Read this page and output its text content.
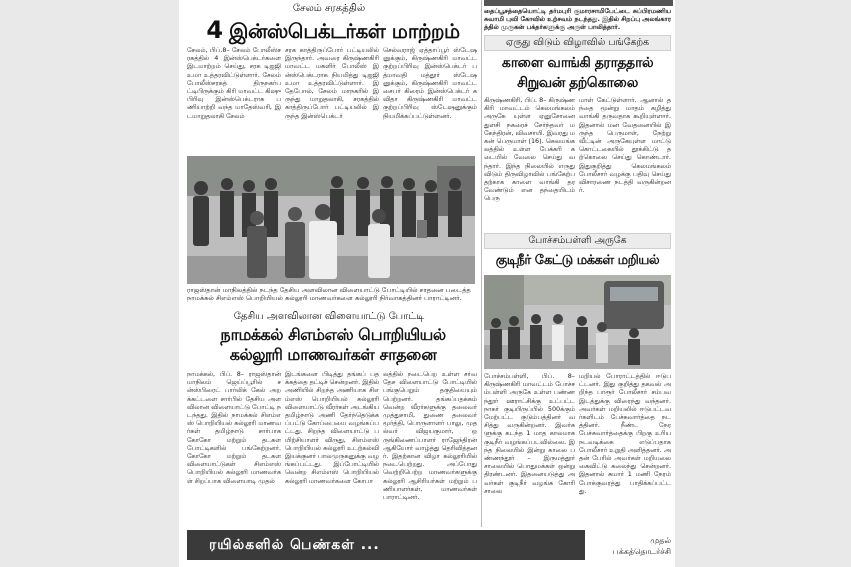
சேலம் சரகத்தில்
4 இன்ஸ்பெக்டர்கள் மாற்றம்
சேலம், பிப்.8– சேலம் போலீஸ்சரகத்தில் 4 இன்ஸ்பெக்டர்களை இடமாற்றம் செய்து, சரக டிஐஜி உமா உத்தரவிட்டுள்ளார். சேலம் போலீஸ்சரகத் திருநகர்பட்டிபிருக்கும் கிரி மாவட்ட கிஷு பிரிவு இன்ஸ்பெக்டராக பணியாற்றி வந்த மாதேஸ்வரி, இடமாறுதலாகி சேலம்
சரக காத்திருப்போர் பட்டியலில் இருந்தார். அவரை கிருஷ்ணகிரி மாவட்ட மகளிர் போலீஸ் இன்ஸ்பெக்டராக நியமித்து டிஐஜி உமா உத்தரவிட்டுள்ளார். இதேபோல், சேலம் மாநகரில் இருந்து மாறுதலாகி, சரகத்தில் காத்திருப்போர் பட்டியலில் இருந்த இன்ஸ்பெக்டர்
செல்வராஜ் ஏத்தாப்பூர் ஸ்டேஷனுக்கும், கிருஷ்ணகிரி மாவட்ட குற்றப்பிரிவு இன்ஸ்பெக்டர் பத்மாவதி மத்தூர் ஸ்டேஷனுக்கும், கிருஷ்ணகிரி மாவட்ட சைபர் கிரைம் இன்ஸ்பெக்டர் கவிதா கிருஷ்ணகிரி மாவட்ட குற்றப்பிரிவு ஸ்டேஷனுக்கும் நியமிக்கப்பட்டுள்ளனர்.
ராஜஸ்தான் மாநிலத்தில் நடந்த தேசிய அளவிலான விளையாட்டு போட்டியில் சாதனை படைத்த நாமக்கல் சிஎம்எஸ் பொறியியல் கல்லூரி மாணவர்களை கல்லூரி நிர்வாகத்தினர் பாராட்டினர்.
தேசிய அளவிலான விளையாட்டு போட்டி
நாமக்கல் சிஎம்எஸ் பொறியியல்
கல்லூரி மாணவர்கள் சாதனை
நாமக்கல், பிப். 8– ராஜஸ்தான் மாநிலம் ஜெய்ப்பூரில் சன்ஸ்பிரைட் பார்லிக் கேல் அறக்கட்டளை சார்பில் தேசிய அளவிலான விளையாட்டு போட்டி நடந்தது. இதில் நாமக்கல் சிஎம்எஸ் பொறியியல் கல்லூரி மாணவர்கள் தமிழ்நாடு சார்பாக கோகோ மற்றும் தடகள போட்டிகளில் பங்கேற்றனர். கோகோ மற்றும் தடகள விளையாட்டுகள் சிஎம்எஸ் பொறியியல் கல்லூரி மாணவர்கள் சிறப்பாக விளையாடி முதல்
இடங்களை பிடித்து தங்கப் பதக்கத்தை தட்டிச் சென்றனர். இதில் அணியில் சிறந்த அணியாக சிஎம்எஸ் பொறியியல் கல்லூரி விளையாட்டு வீரர்கள் அடங்கிய தமிழ்நாடு அணி தேர்ந்தெடுக்கப்பட்டு கோப்பையை வழங்கப்பட்டது. சிறந்த விளையாட்டு பயிற்சியாளர் விருது, சிஎம்எஸ் பொறியியல் கல்லூரி உடற்கல்வி இயக்குனர் பாலமுருகனுக்கு வழங்கப்பட்டது. இப்போட்டியில் வென்ற சிஎம்எஸ் பொறியியல் கல்லூரி மாணவர்களை கோபா
லத்தில் நடைபெற உள்ள சர்வதேச விளையாட்டு போட்டியில் பங்குபெறும் தகுதியையும் பெற்றனர். தங்கப்பதக்கம் வென்ற வீரர்களுக்கு தலைவர் முத்துசாமி, துணை தலைவர் மூர்த்தி, பொருளாளர் பாலு, முதல்வர் விஜயகுமார், ஒருங்கிணைப்பாளர் ராஜேந்திரன் ஆகியோர் வாழ்த்து தெரிவித்தனர். இதற்கான விழா கல்லூரியில் நடைபெற்றது. அப்போது வெற்றிபெற்ற மாணவர்களுக்கு கல்லூரி ஆசிரியர்கள் மற்றும் பணியாளர்கள், மாணவர்கள் பாராட்டினர்.
தைப்பூசத்தையொட்டி தர்மபுரி குமாரசாமிபேட்டை சுப்பிரமணியசுவாமி புவி கோவில் உற்சவம் நடந்தது. இதில் சிறப்பு அலங்காரத்தில் முருகன் பக்தர்களுக்கு அருள் பாலித்தார்.
ஏருது விடும் விழாவில் பங்கேற்க
காளை வாங்கி தராததால்
சிறுவன் தற்கொலை
கிருஷ்ணகிரி, பிப். 8– கிருஷ்ணகிரி மாவட்டம் கெலமங்கலம் அருகே யுள்ள ஏனுசோனை துளசி நகரைச் சேர்ந்தவர் மகேந்திரன், விவசாயி. இவரது மகன் பெருமாள் (16). கெலமங்கலத்தில் உள்ள பேக்கரி கடையில் வேலை செய்து வந்தார். இந்த நிலையில் எருது விடும் திருவிழாவில் பங்கேற்பதற்காக காளை வாங்கி தர வேண்டும் என தந்தையிடம் பெரு
மாள் கேட்டுள்ளார். ஆனால் தந்தை மூன்று மாதம் கழித்து வாங்கி தருவதாக கூறியுள்ளார். இதனால் மன வேதனையில் இருந்த பெருமாள், நேற்று வீட்டின் அருகேயுள்ள மாட்டு கொட்டகையில் தூக்கிட்டு தற்கொலை செய்து கொண்டார். இதுகுறித்து கெலமங்கலம் போலீசார் வழக்கு பதிவு செய்து விசாரணை நடத்தி வருகின்றனர்.
போச்சம்பள்ளி அருகே
குடிநீர் கேட்டு மக்கள் மறியல்
போச்சம்பள்ளி, பிப். 8– கிருஷ்ணகிரி மாவட்டம் போச்சம்பள்ளி அருகே உள்ள பண்ணந்தூர் ஊராட்சிக்கு உட்பட்ட நாகர் குடியிருப்பில் 500க்கும் மேற்பட்ட குடும்பத்தினர் வசித்து வருகின்றனர். இவர்களுக்கு கடந்த 1 மாத காலமாக குடிநீர் வழங்கப்படவில்லை. இந்த நிலையில் இன்று காலை பண்ணந்தூர் – இருமத்தூர் சாலையில் பொதுமக்கள் ஒன்று திரண்டனர். இதனையடுத்து அவர்கள் குடிநீர் வழங்க கோரி சாலை
மறியல் போராட்டத்தில் ஈடுபட்டனர். இது குறித்து தகவல் அறிந்த பாரூர் போலீசார் சம்பவ இடத்துக்கு விரைந்து வந்தனர். அவர்கள் மறியலில் ஈடுபட்டவர்களிடம் பேச்சுவார்த்தை நடத்தினர். நீண்ட நேர பேச்சுவார்த்தைக்கு பிறகு உரிய நடவடிக்கை எடுப்பதாக போலீசார் உறுதி அளித்தனர். அதன் பேரில் அவர்கள் மறியலை கைவிட்டு கலைந்து சென்றனர். இதனால் சுமார் 1 மணி நேரம் போக்குவரத்து பாதிக்கப்பட்டது.
ரயில்களில் பெண்கள் ...	முதல்
பக்கத்தொடர்ச்சி
